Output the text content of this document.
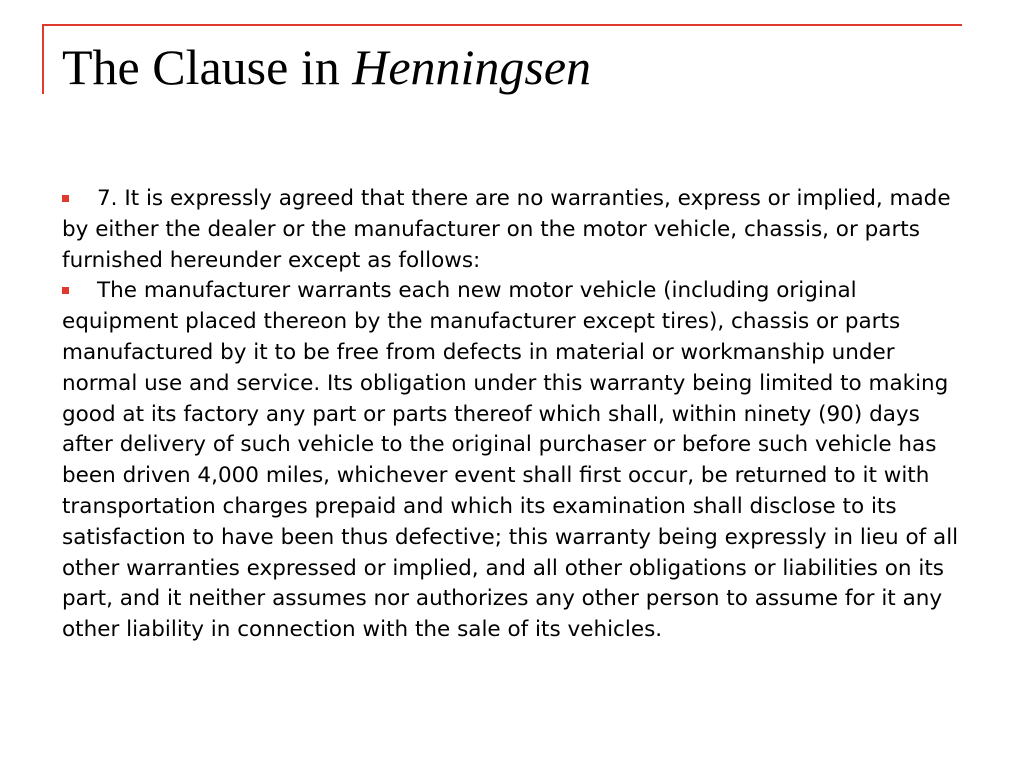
The Clause in Henningsen

7. It is expressly agreed that there are no warranties, express or implied, made by either the dealer or the manufacturer on the motor vehicle, chassis, or parts furnished hereunder except as follows:

The manufacturer warrants each new motor vehicle (including original equipment placed thereon by the manufacturer except tires), chassis or parts manufactured by it to be free from defects in material or workmanship under normal use and service. Its obligation under this warranty being limited to making good at its factory any part or parts thereof which shall, within ninety (90) days after delivery of such vehicle to the original purchaser or before such vehicle has been driven 4,000 miles, whichever event shall first occur, be returned to it with transportation charges prepaid and which its examination shall disclose to its satisfaction to have been thus defective; this warranty being expressly in lieu of all other warranties expressed or implied, and all other obligations or liabilities on its part, and it neither assumes nor authorizes any other person to assume for it any other liability in connection with the sale of its vehicles.
